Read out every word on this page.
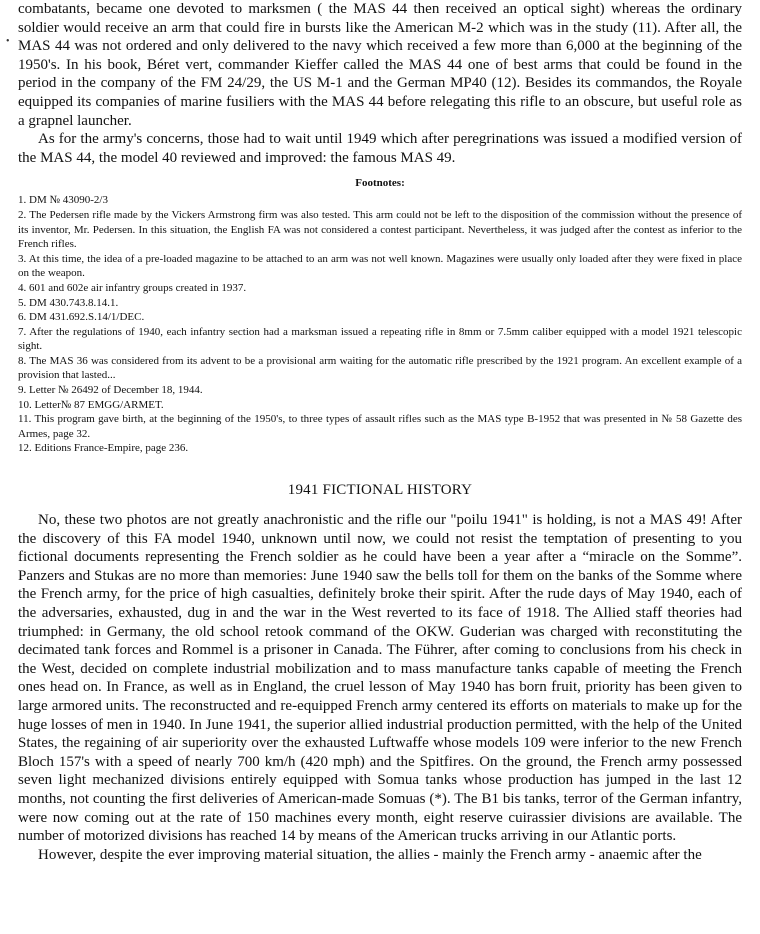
•

combatants, became one devoted to marksmen ( the MAS 44 then received an optical sight) whereas the ordinary soldier would receive an arm that could fire in bursts like the American M-2 which was in the study (11). After all, the MAS 44 was not ordered and only delivered to the navy which received a few more than 6,000 at the beginning of the 1950's. In his book, Béret vert, commander Kieffer called the MAS 44 one of best arms that could be found in the period in the company of the FM 24/29, the US M-1 and the German MP40 (12). Besides its commandos, the Royale equipped its companies of marine fusiliers with the MAS 44 before relegating this rifle to an obscure, but useful role as a grapnel launcher.

As for the army's concerns, those had to wait until 1949 which after peregrinations was issued a modified version of the MAS 44, the model 40 reviewed and improved: the famous MAS 49.

Footnotes:

1. DM № 43090-2/3

2. The Pedersen rifle made by the Vickers Armstrong firm was also tested. This arm could not be left to the disposition of the commission without the presence of its inventor, Mr. Pedersen. In this situation, the English FA was not considered a contest participant. Nevertheless, it was judged after the contest as inferior to the French rifles.

3. At this time, the idea of a pre-loaded magazine to be attached to an arm was not well known. Magazines were usually only loaded after they were fixed in place on the weapon.

4. 601 and 602e air infantry groups created in 1937.

5. DM 430.743.8.14.1.

6. DM 431.692.S.14/1/DEC.

7. After the regulations of 1940, each infantry section had a marksman issued a repeating rifle in 8mm or 7.5mm caliber equipped with a model 1921 telescopic sight.

8. The MAS 36 was considered from its advent to be a provisional arm waiting for the automatic rifle prescribed by the 1921 program. An excellent example of a provision that lasted...

9. Letter № 26492 of December 18, 1944.

10. Letter№ 87 EMGG/ARMET.

11. This program gave birth, at the beginning of the 1950's, to three types of assault rifles such as the MAS type B-1952 that was presented in № 58 Gazette des Armes, page 32.

12. Editions France-Empire, page 236.

1941 FICTIONAL HISTORY

No, these two photos are not greatly anachronistic and the rifle our "poilu 1941" is holding, is not a MAS 49! After the discovery of this FA model 1940, unknown until now, we could not resist the temptation of presenting to you fictional documents representing the French soldier as he could have been a year after a “miracle on the Somme”. Panzers and Stukas are no more than memories: June 1940 saw the bells toll for them on the banks of the Somme where the French army, for the price of high casualties, definitely broke their spirit. After the rude days of May 1940, each of the adversaries, exhausted, dug in and the war in the West reverted to its face of 1918. The Allied staff theories had triumphed: in Germany, the old school retook command of the OKW. Guderian was charged with reconstituting the decimated tank forces and Rommel is a prisoner in Canada. The Führer, after coming to conclusions from his check in the West, decided on complete industrial mobilization and to mass manufacture tanks capable of meeting the French ones head on. In France, as well as in England, the cruel lesson of May 1940 has born fruit, priority has been given to large armored units. The reconstructed and re-equipped French army centered its efforts on materials to make up for the huge losses of men in 1940. In June 1941, the superior allied industrial production permitted, with the help of the United States, the regaining of air superiority over the exhausted Luftwaffe whose models 109 were inferior to the new French Bloch 157's with a speed of nearly 700 km/h (420 mph) and the Spitfires. On the ground, the French army possessed seven light mechanized divisions entirely equipped with Somua tanks whose production has jumped in the last 12 months, not counting the first deliveries of American-made Somuas (*). The B1 bis tanks, terror of the German infantry, were now coming out at the rate of 150 machines every month, eight reserve cuirassier divisions are available. The number of motorized divisions has reached 14 by means of the American trucks arriving in our Atlantic ports.

However, despite the ever improving material situation, the allies - mainly the French army - anaemic after the
